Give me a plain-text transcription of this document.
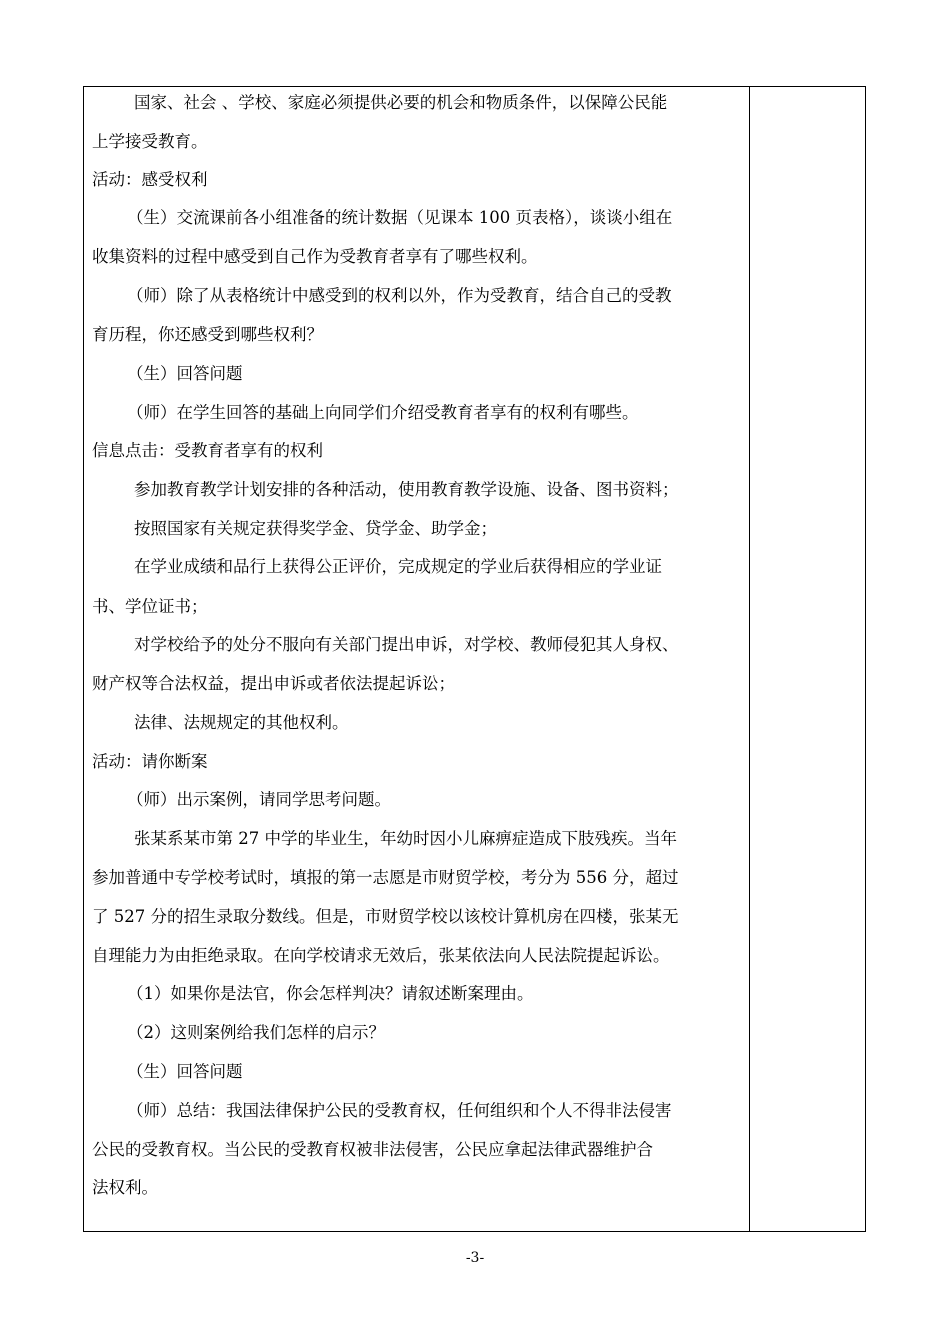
国家、社会 、学校、家庭必须提供必要的机会和物质条件，以保障公民能
上学接受教育。
活动：感受权利
（生）交流课前各小组准备的统计数据（见课本 100 页表格），谈谈小组在
收集资料的过程中感受到自己作为受教育者享有了哪些权利。
（师）除了从表格统计中感受到的权利以外，作为受教育，结合自己的受教
育历程，你还感受到哪些权利？
（生）回答问题
（师）在学生回答的基础上向同学们介绍受教育者享有的权利有哪些。
信息点击：受教育者享有的权利
参加教育教学计划安排的各种活动，使用教育教学设施、设备、图书资料；
按照国家有关规定获得奖学金、贷学金、助学金；
在学业成绩和品行上获得公正评价，完成规定的学业后获得相应的学业证
书、学位证书；
对学校给予的处分不服向有关部门提出申诉，对学校、教师侵犯其人身权、
财产权等合法权益，提出申诉或者依法提起诉讼；
法律、法规规定的其他权利。
活动：请你断案
（师）出示案例，请同学思考问题。
张某系某市第 27 中学的毕业生，年幼时因小儿麻痹症造成下肢残疾。当年
参加普通中专学校考试时，填报的第一志愿是市财贸学校，考分为 556 分，超过
了 527 分的招生录取分数线。但是，市财贸学校以该校计算机房在四楼，张某无
自理能力为由拒绝录取。在向学校请求无效后，张某依法向人民法院提起诉讼。
（1）如果你是法官，你会怎样判决？请叙述断案理由。
（2）这则案例给我们怎样的启示？
（生）回答问题
（师）总结：我国法律保护公民的受教育权，任何组织和个人不得非法侵害
公民的受教育权。当公民的受教育权被非法侵害，公民应拿起法律武器维护合
法权利。
-3-
